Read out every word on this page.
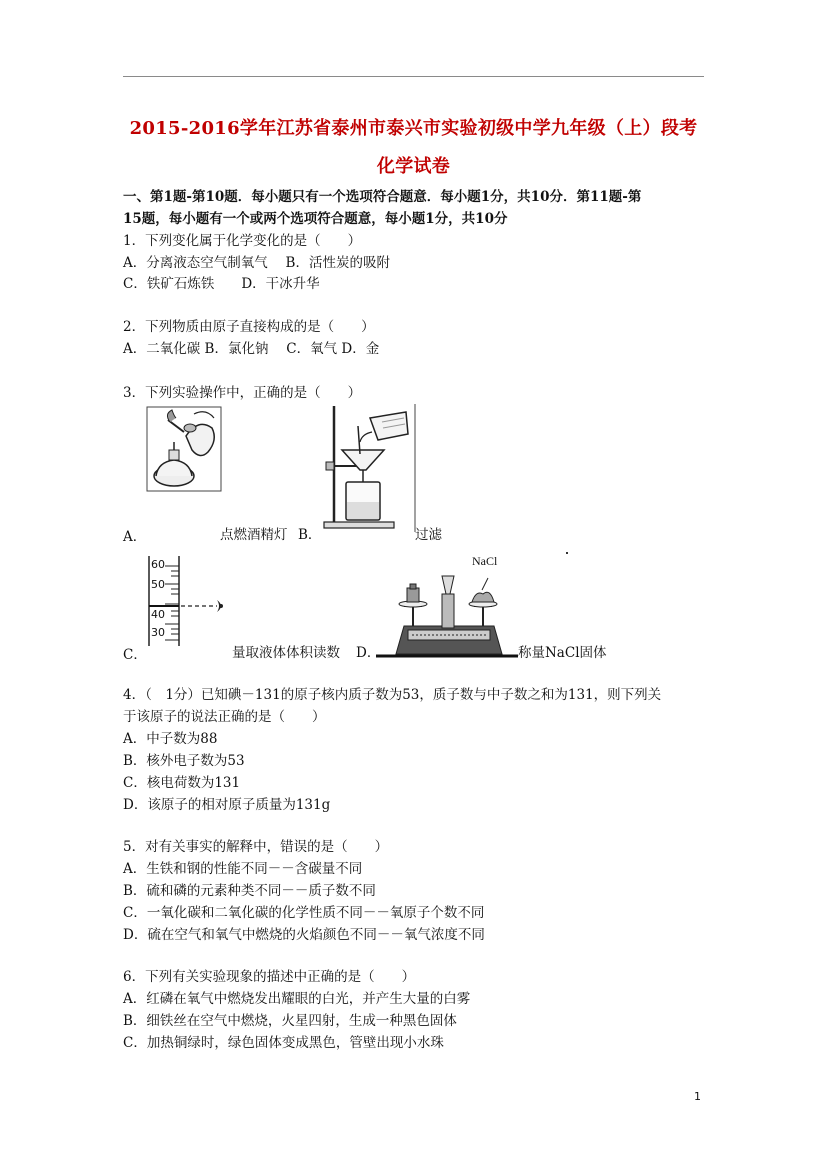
2015-2016学年江苏省泰州市泰兴市实验初级中学九年级（上）段考
化学试卷
一、第1题-第10题．每小题只有一个选项符合题意．每小题1分，共10分．第11题-第
15题，每小题有一个或两个选项符合题意，每小题1分，共10分
1．下列变化属于化学变化的是（　　）
A．分离液态空气制氧气　 B．活性炭的吸附
C．铁矿石炼铁　　D．干冰升华
2．下列物质由原子直接构成的是（　　）
A．二氧化碳 B．氯化钠　 C．氧气 D．金
3．下列实验操作中，正确的是（　　）
A．	点燃酒精灯 B．	过滤
60
50
40
30
NaCl
C．	量取液体体积读数 D．	称量NaCl固体
4．（　1分）已知碘－131的原子核内质子数为53，质子数与中子数之和为131，则下列关
于该原子的说法正确的是（　　）
A．中子数为88
B．核外电子数为53
C．核电荷数为131
D．该原子的相对原子质量为131g
5．对有关事实的解释中，错误的是（　　）
A．生铁和钢的性能不同－－含碳量不同
B．硫和磷的元素种类不同－－质子数不同
C．一氧化碳和二氧化碳的化学性质不同－－氧原子个数不同
D．硫在空气和氧气中燃烧的火焰颜色不同－－氧气浓度不同
6．下列有关实验现象的描述中正确的是（　　）
A．红磷在氧气中燃烧发出耀眼的白光，并产生大量的白雾
B．细铁丝在空气中燃烧，火星四射，生成一种黑色固体
C．加热铜绿时，绿色固体变成黑色，管壁出现小水珠
1
